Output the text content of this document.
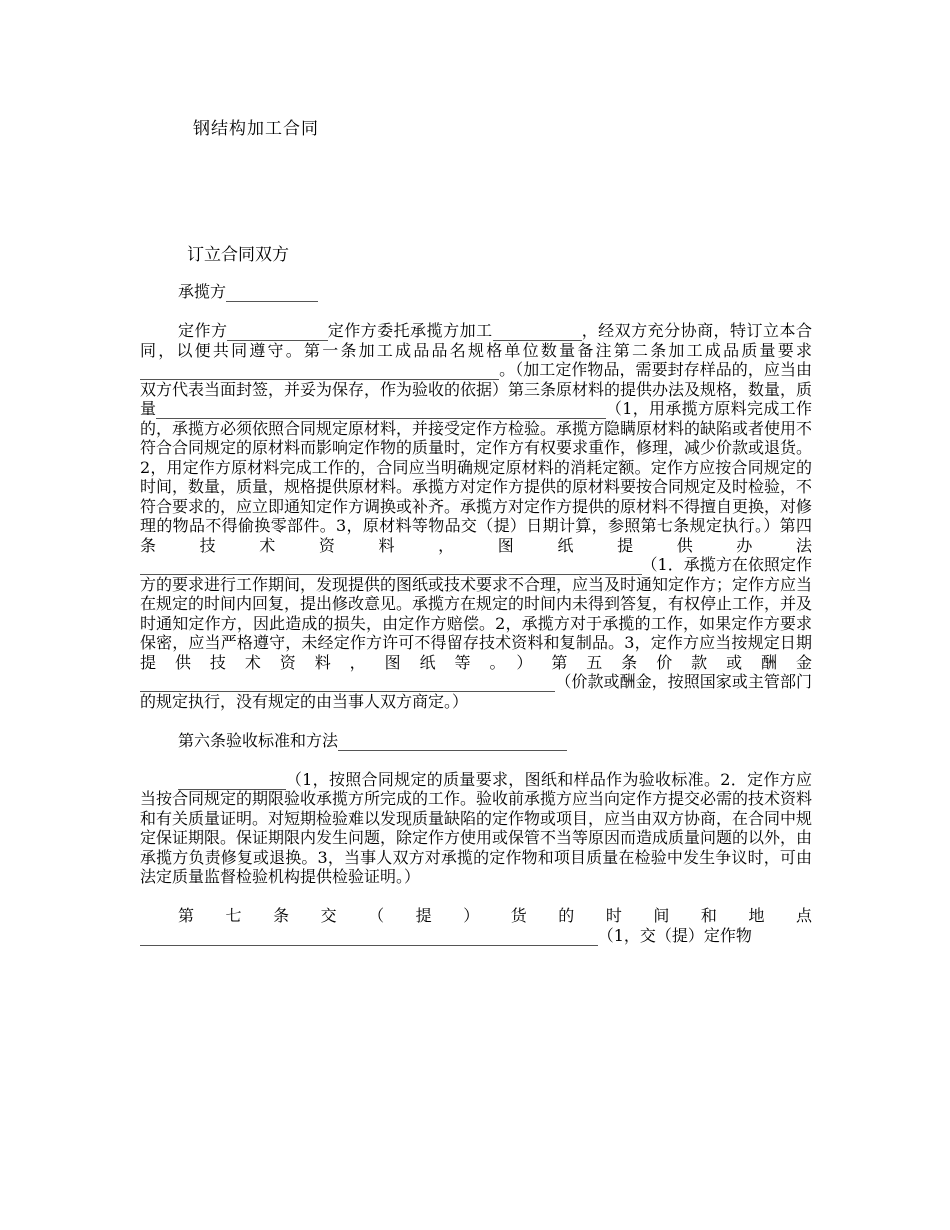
钢结构加工合同
订立合同双方

承揽方

定作方	定作方委托承揽方加工	，经双方充分协商，特订立本合同，以便共同遵守。第一条加工成品品名规格单位数量备注第二条加工成品质量要求                                                                      。（加工定作物品，需要封存样品的，应当由双方代表当面封签，并妥为保存，作为验收的依据）第三条原材料的提供办法及规格，数量，质量	（1，用承揽方原料完成工作的，承揽方必须依照合同规定原材料，并接受定作方检验。承揽方隐瞒原材料的缺陷或者使用不符合合同规定的原材料而影响定作物的质量时，定作方有权要求重作，修理，减少价款或退货。2，用定作方原材料完成工作的，合同应当明确规定原材料的消耗定额。定作方应按合同规定的时间，数量，质量，规格提供原材料。承揽方对定作方提供的原材料要按合同规定及时检验，不符合要求的，应立即通知定作方调换或补齐。承揽方对定作方提供的原材料不得擅自更换，对修理的物品不得偷换零部件。3，原材料等物品交（提）日期计算，参照第七条规定执行。）第四条技术资料，图纸提供办法                                                                                                  （1．承揽方在依照定作方的要求进行工作期间，发现提供的图纸或技术要求不合理，应当及时通知定作方；定作方应当在规定的时间内回复，提出修改意见。承揽方在规定的时间内未得到答复，有权停止工作，并及时通知定作方，因此造成的损失，由定作方赔偿。2，承揽方对于承揽的工作，如果定作方要求保密，应当严格遵守，未经定作方许可不得留存技术资料和复制品。3，定作方应当按规定日期提供技术资料，图纸等。）第五条价款或酬金                                                                                 （价款或酬金，按照国家或主管部门的规定执行，没有规定的由当事人双方商定。）

第六条验收标准和方法

（1，按照合同规定的质量要求，图纸和样品作为验收标准。2．定作方应当按合同规定的期限验收承揽方所完成的工作。验收前承揽方应当向定作方提交必需的技术资料和有关质量证明。对短期检验难以发现质量缺陷的定作物或项目，应当由双方协商，在合同中规定保证期限。保证期限内发生问题，除定作方使用或保管不当等原因而造成质量问题的以外，由承揽方负责修复或退换。3，当事人双方对承揽的定作物和项目质量在检验中发生争议时，可由法定质量监督检验机构提供检验证明。）

第七条交（提）货的时间和地点                                                                                          （1，交（提）定作物
